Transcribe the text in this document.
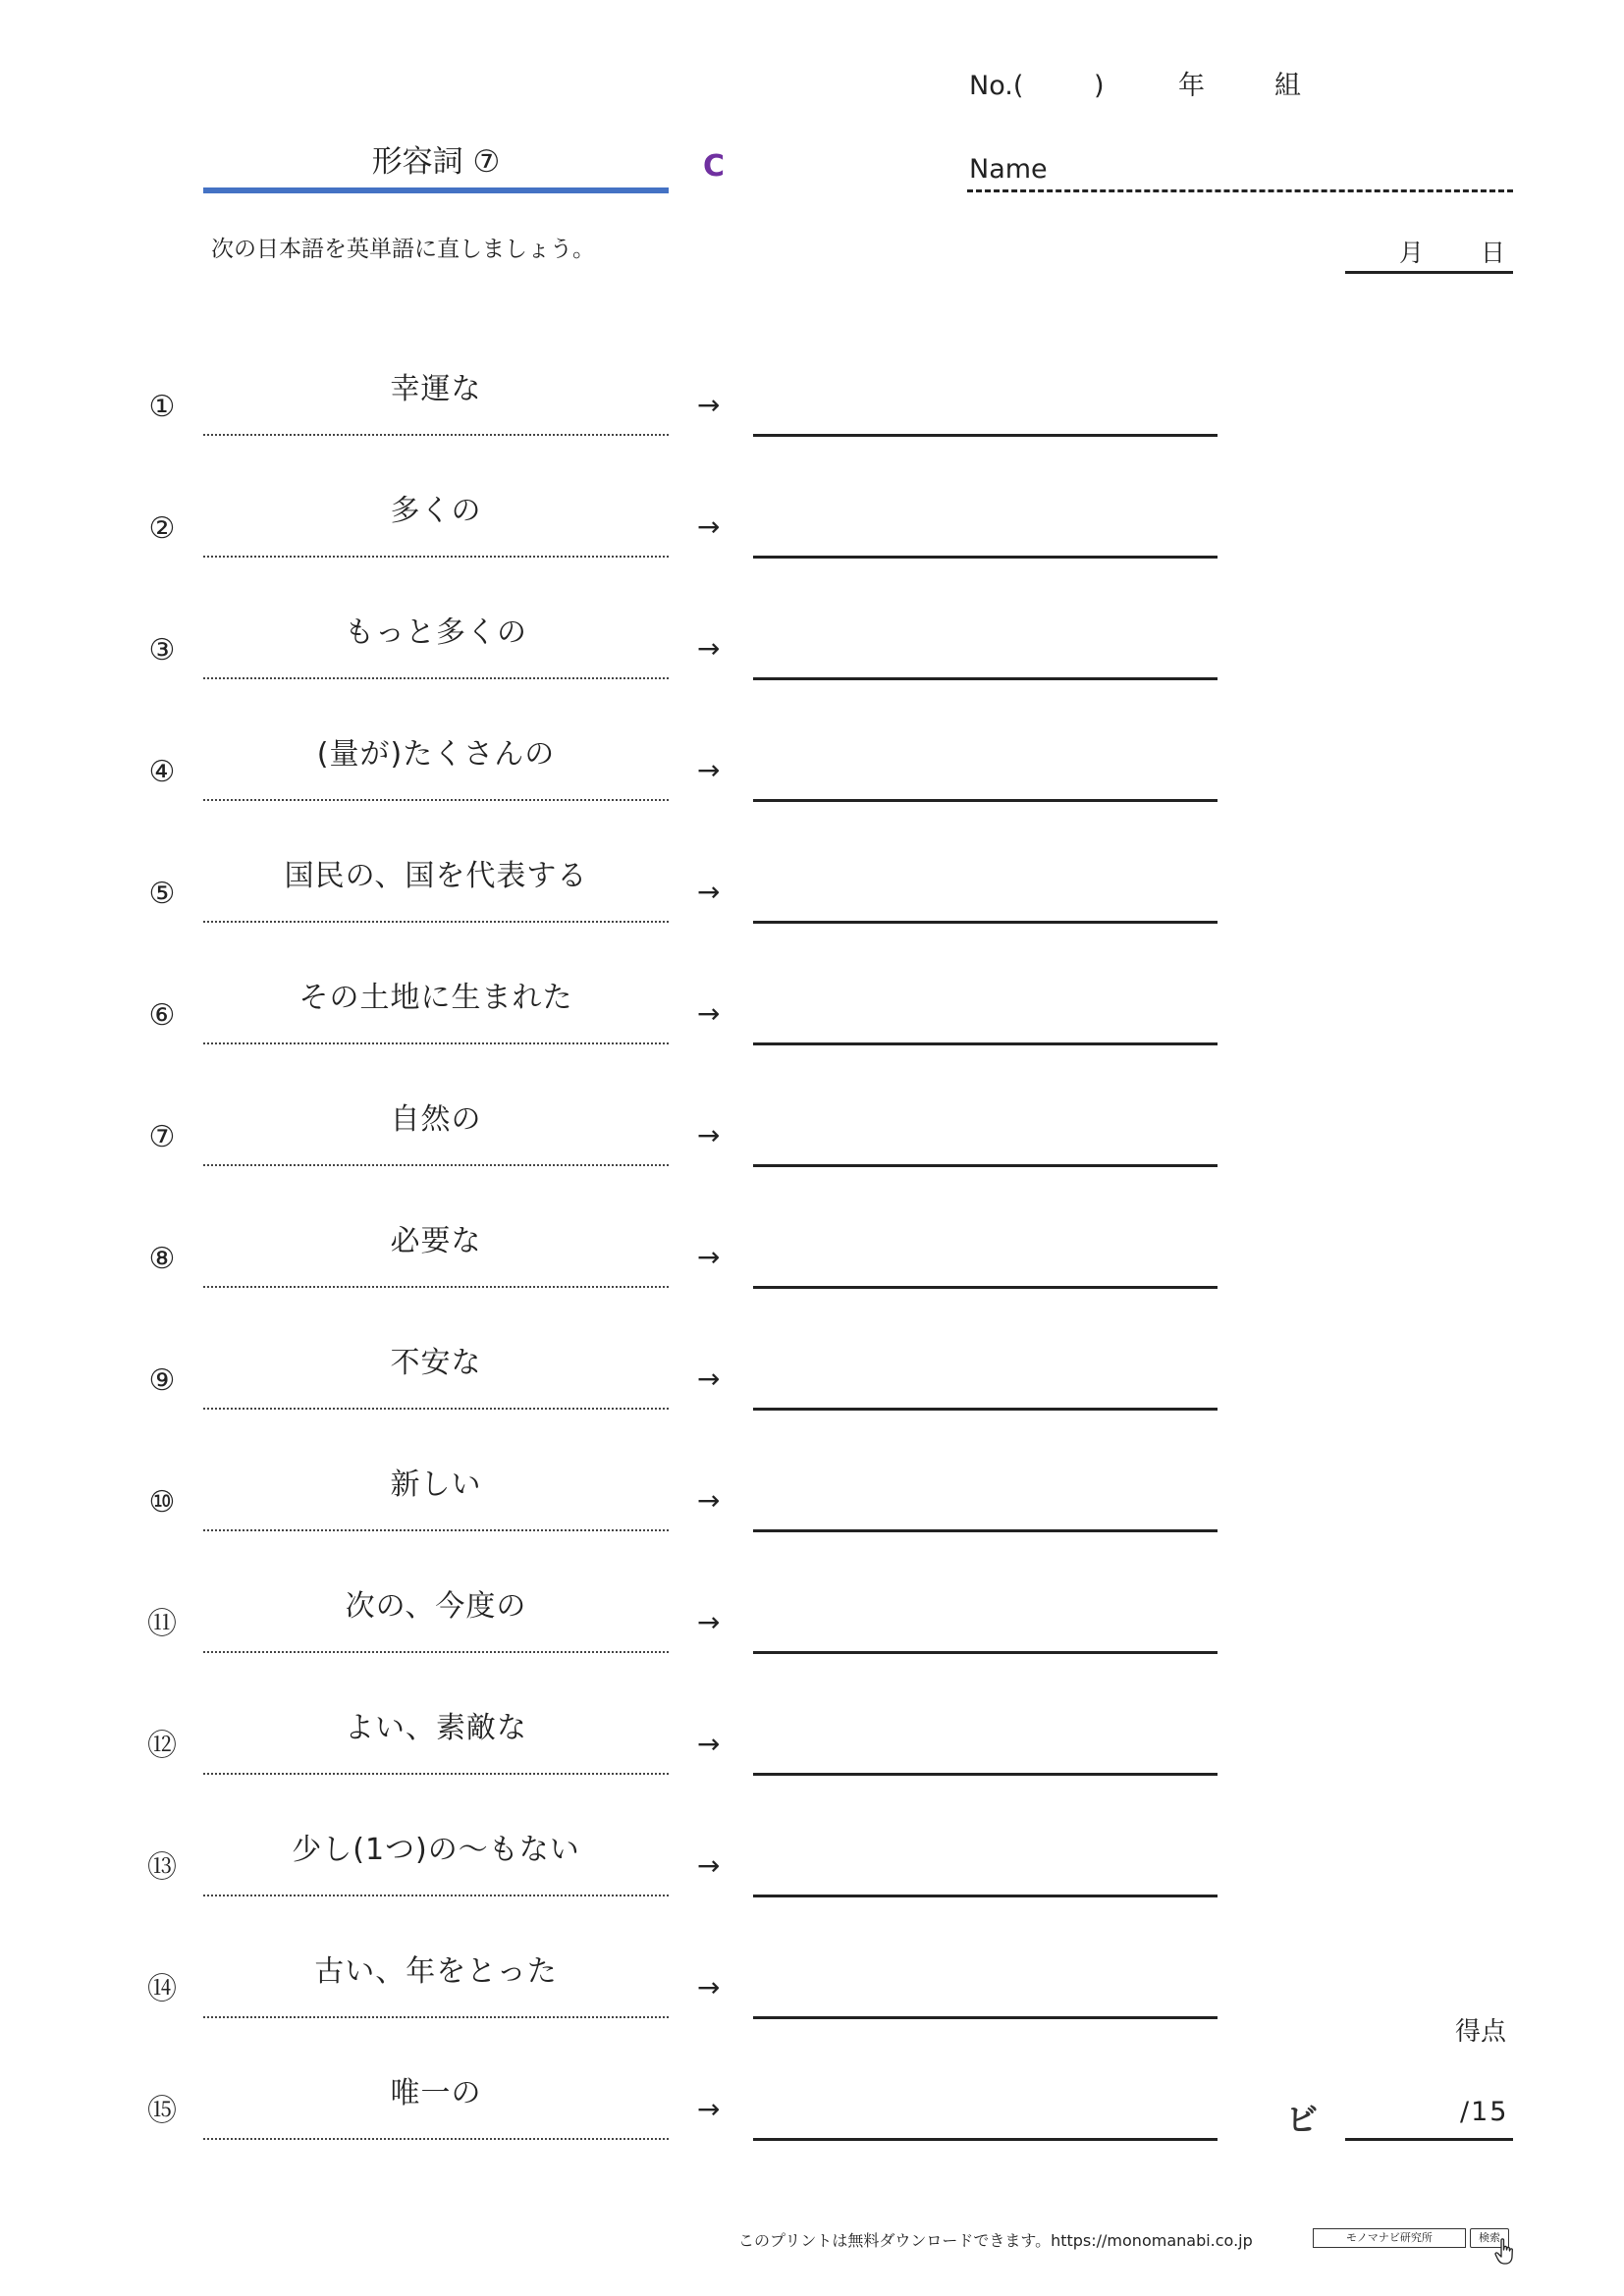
No.(	)	年	組
形容詞 ⑦	C	Name
次の日本語を英単語に直しましょう。	月 日
①
幸運な	→
②
多くの	→
③
もっと多くの	→
④
(量が)たくさんの	→
⑤
国民の、国を代表する	→
⑥
その土地に生まれた	→
⑦
自然の	→
⑧
必要な	→
⑨
不安な	→
⑩
新しい	→
⑪
次の、今度の	→
⑫
よい、素敵な	→
⑬
少し(1つ)の～もない	→
⑭
古い、年をとった	→
⑮
唯一の	→
得点
ビ	/15
このプリントは無料ダウンロードできます。https://monomanabi.co.jp	モノマナビ研究所	検索
